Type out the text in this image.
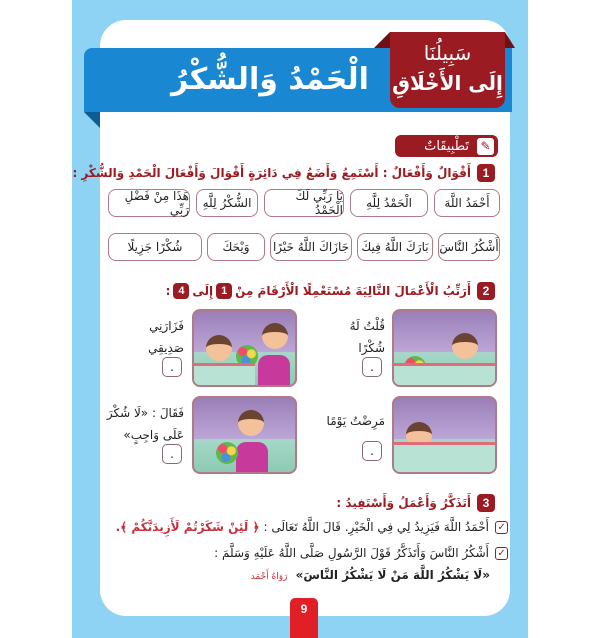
الْحَمْدُ وَالشُّكْرُ
سَبِيلُنَا
إِلَى الأَخْلَاقِ
✎
تَطْبِيقَاتٌ
1
أَقْوَالٌ وَأَفْعَالٌ : أَسْتَمِعُ وَأَضَعُ فِي دَائِرَةٍ أَقْوَالَ وَأَفْعَالَ الْحَمْدِ وَالشُّكْرِ :
أَحْمَدُ اللَّهَ
الْحَمْدُ لِلَّهِ
يَا رَبِّي لَكَ الْحَمْدُ
الشُّكْرُ لِلَّهِ
هَذَا مِنْ فَضْلِ رَبِّي
أَشْكُرُ النَّاسَ
بَارَكَ اللَّهُ فِيكَ
جَازَاكَ اللَّهُ خَيْرًا
وَيْحَكَ
شُكْرًا جَزِيلًا
2
أَرَتِّبُ الْأَعْمَالَ التَّالِيَةَ مُسْتَعْمِلًا الْأَرْقَامَ مِنْ
1
إِلَى
4
:
قُلْتُ لَهُ
شُكْرًا
.
فَزَارَنِي
صَدِيقِي
.
مَرِضْتُ يَوْمًا
.
فَقَالَ : «لَا شُكْرَ
عَلَى وَاجِبٍ»
.
3
أَتَذَكَّرُ وَأَعْمَلُ وَأَسْتَفِيدُ :
✓
أَحْمَدُ اللَّهَ فَيَزِيدُ لِي فِي الْخَيْرِ. قَالَ اللَّهُ تَعَالَى :
﴿ لَئِنْ شَكَرْتُمْ لَأَزِيدَنَّكُمْ ﴾.
✓
أَشْكُرُ النَّاسَ وَأَتَذَكَّرُ قَوْلَ الرَّسُولِ صَلَّى اللَّهُ عَلَيْهِ وَسَلَّمَ :
«لَا يَشْكُرُ اللَّهَ مَنْ لَا يَشْكُرُ النَّاسَ» رَوَاهُ أَحْمَد
9
